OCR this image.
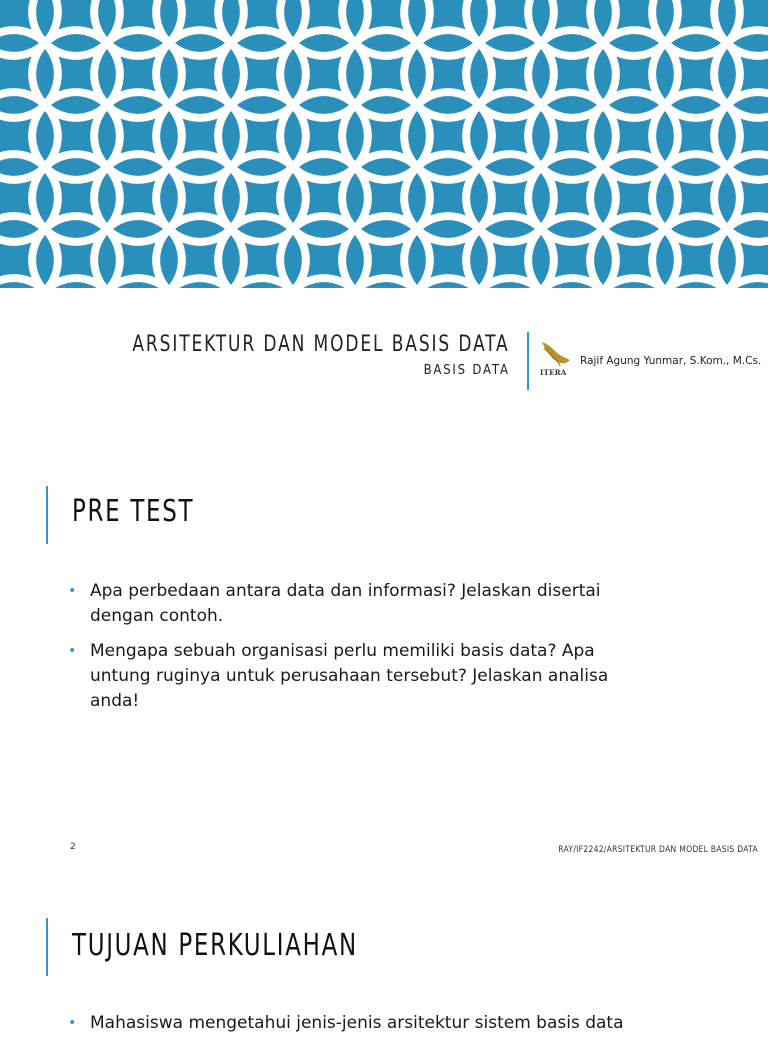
ARSITEKTUR DAN MODEL BASIS DATA
BASIS DATA	ITERA
Rajif Agung Yunmar, S.Kom., M.Cs.
PRE TEST
• Apa perbedaan antara data dan informasi? Jelaskan disertai dengan contoh.
• Mengapa sebuah organisasi perlu memiliki basis data? Apa untung ruginya untuk perusahaan tersebut? Jelaskan analisa anda!
2	RAY/IF2242/ARSITEKTUR DAN MODEL BASIS DATA
TUJUAN PERKULIAHAN
• Mahasiswa mengetahui jenis-jenis arsitektur sistem basis data
